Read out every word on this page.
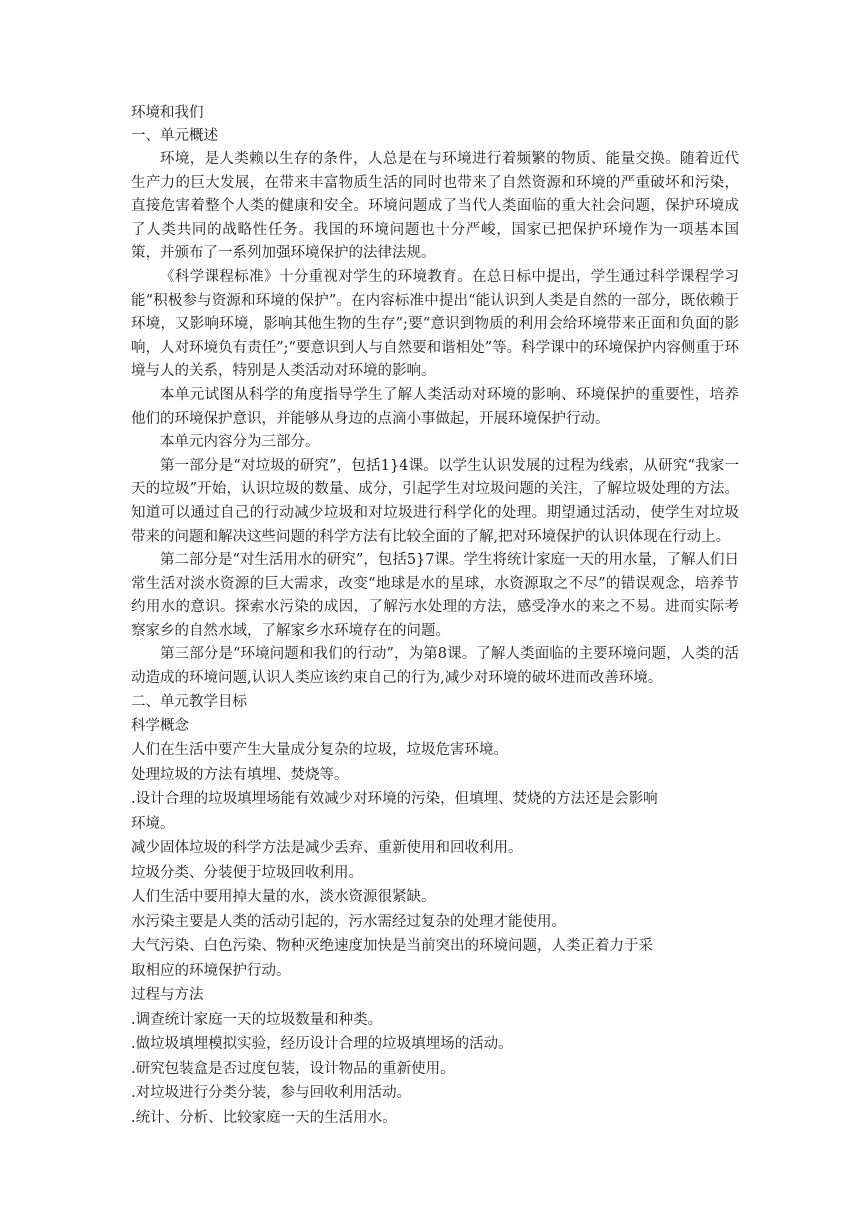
环境和我们
一、单元概述

环境，是人类赖以生存的条件，人总是在与环境进行着频繁的物质、能量交换。随着近代生产力的巨大发展，在带来丰富物质生活的同时也带来了自然资源和环境的严重破坏和污染，直接危害着整个人类的健康和安全。环境问题成了当代人类面临的重大社会问题，保护环境成了人类共同的战略性任务。我国的环境问题也十分严峻，国家已把保护环境作为一项基本国策，并颁布了一系列加强环境保护的法律法规。

《科学课程标准》十分重视对学生的环境教育。在总日标中提出，学生通过科学课程学习能“积极参与资源和环境的保护”。在内容标准中提出“能认识到人类是自然的一部分，既依赖于环境，又影响环境，影响其他生物的生存”;要“意识到物质的利用会给环境带来正面和负面的影响，人对环境负有责任”;“要意识到人与自然要和谐相处”等。科学课中的环境保护内容侧重于环境与人的关系，特别是人类活动对环境的影响。

本单元试图从科学的角度指导学生了解人类活动对环境的影响、环境保护的重要性，培养他们的环境保护意识，并能够从身边的点滴小事做起，开展环境保护行动。

本单元内容分为三部分。

第一部分是“对垃圾的研究”，包括1}4课。以学生认识发展的过程为线索，从研究“我家一天的垃圾”开始，认识垃圾的数量、成分，引起学生对垃圾问题的关注，了解垃圾处理的方法。知道可以通过自己的行动减少垃圾和对垃圾进行科学化的处理。期望通过活动，使学生对垃圾带来的问题和解决这些问题的科学方法有比较全面的了解,把对环境保护的认识体现在行动上。

第二部分是“对生活用水的研究”，包括5}7课。学生将统计家庭一天的用水量，了解人们日常生活对淡水资源的巨大需求，改变“地球是水的星球，水资源取之不尽”的错误观念，培养节约用水的意识。探索水污染的成因，了解污水处理的方法，感受净水的来之不易。进而实际考察家乡的自然水域，了解家乡水环境存在的问题。

第三部分是“环境问题和我们的行动”，为第8课。了解人类面临的主要环境问题，人类的活动造成的环境问题,认识人类应该约束自己的行为,减少对环境的破坏进而改善环境。

二、单元教学目标
科学概念
人们在生活中要产生大量成分复杂的垃圾，垃圾危害环境。
处理垃圾的方法有填埋、焚烧等。
.设计合理的垃圾填埋场能有效减少对环境的污染，但填埋、焚烧的方法还是会影响
环境。
减少固体垃圾的科学方法是减少丢弃、重新使用和回收利用。
垃圾分类、分装便于垃圾回收利用。
人们生活中要用掉大量的水，淡水资源很紧缺。
水污染主要是人类的活动引起的，污水需经过复杂的处理才能使用。
大气污染、白色污染、物种灭绝速度加快是当前突出的环境问题，人类正着力于采
取相应的环境保护行动。
过程与方法
.调查统计家庭一天的垃圾数量和种类。
.做垃圾填埋模拟实验，经历设计合理的垃圾填埋场的活动。
.研究包装盒是否过度包装，设计物品的重新使用。
.对垃圾进行分类分装，参与回收利用活动。
.统计、分析、比较家庭一天的生活用水。
